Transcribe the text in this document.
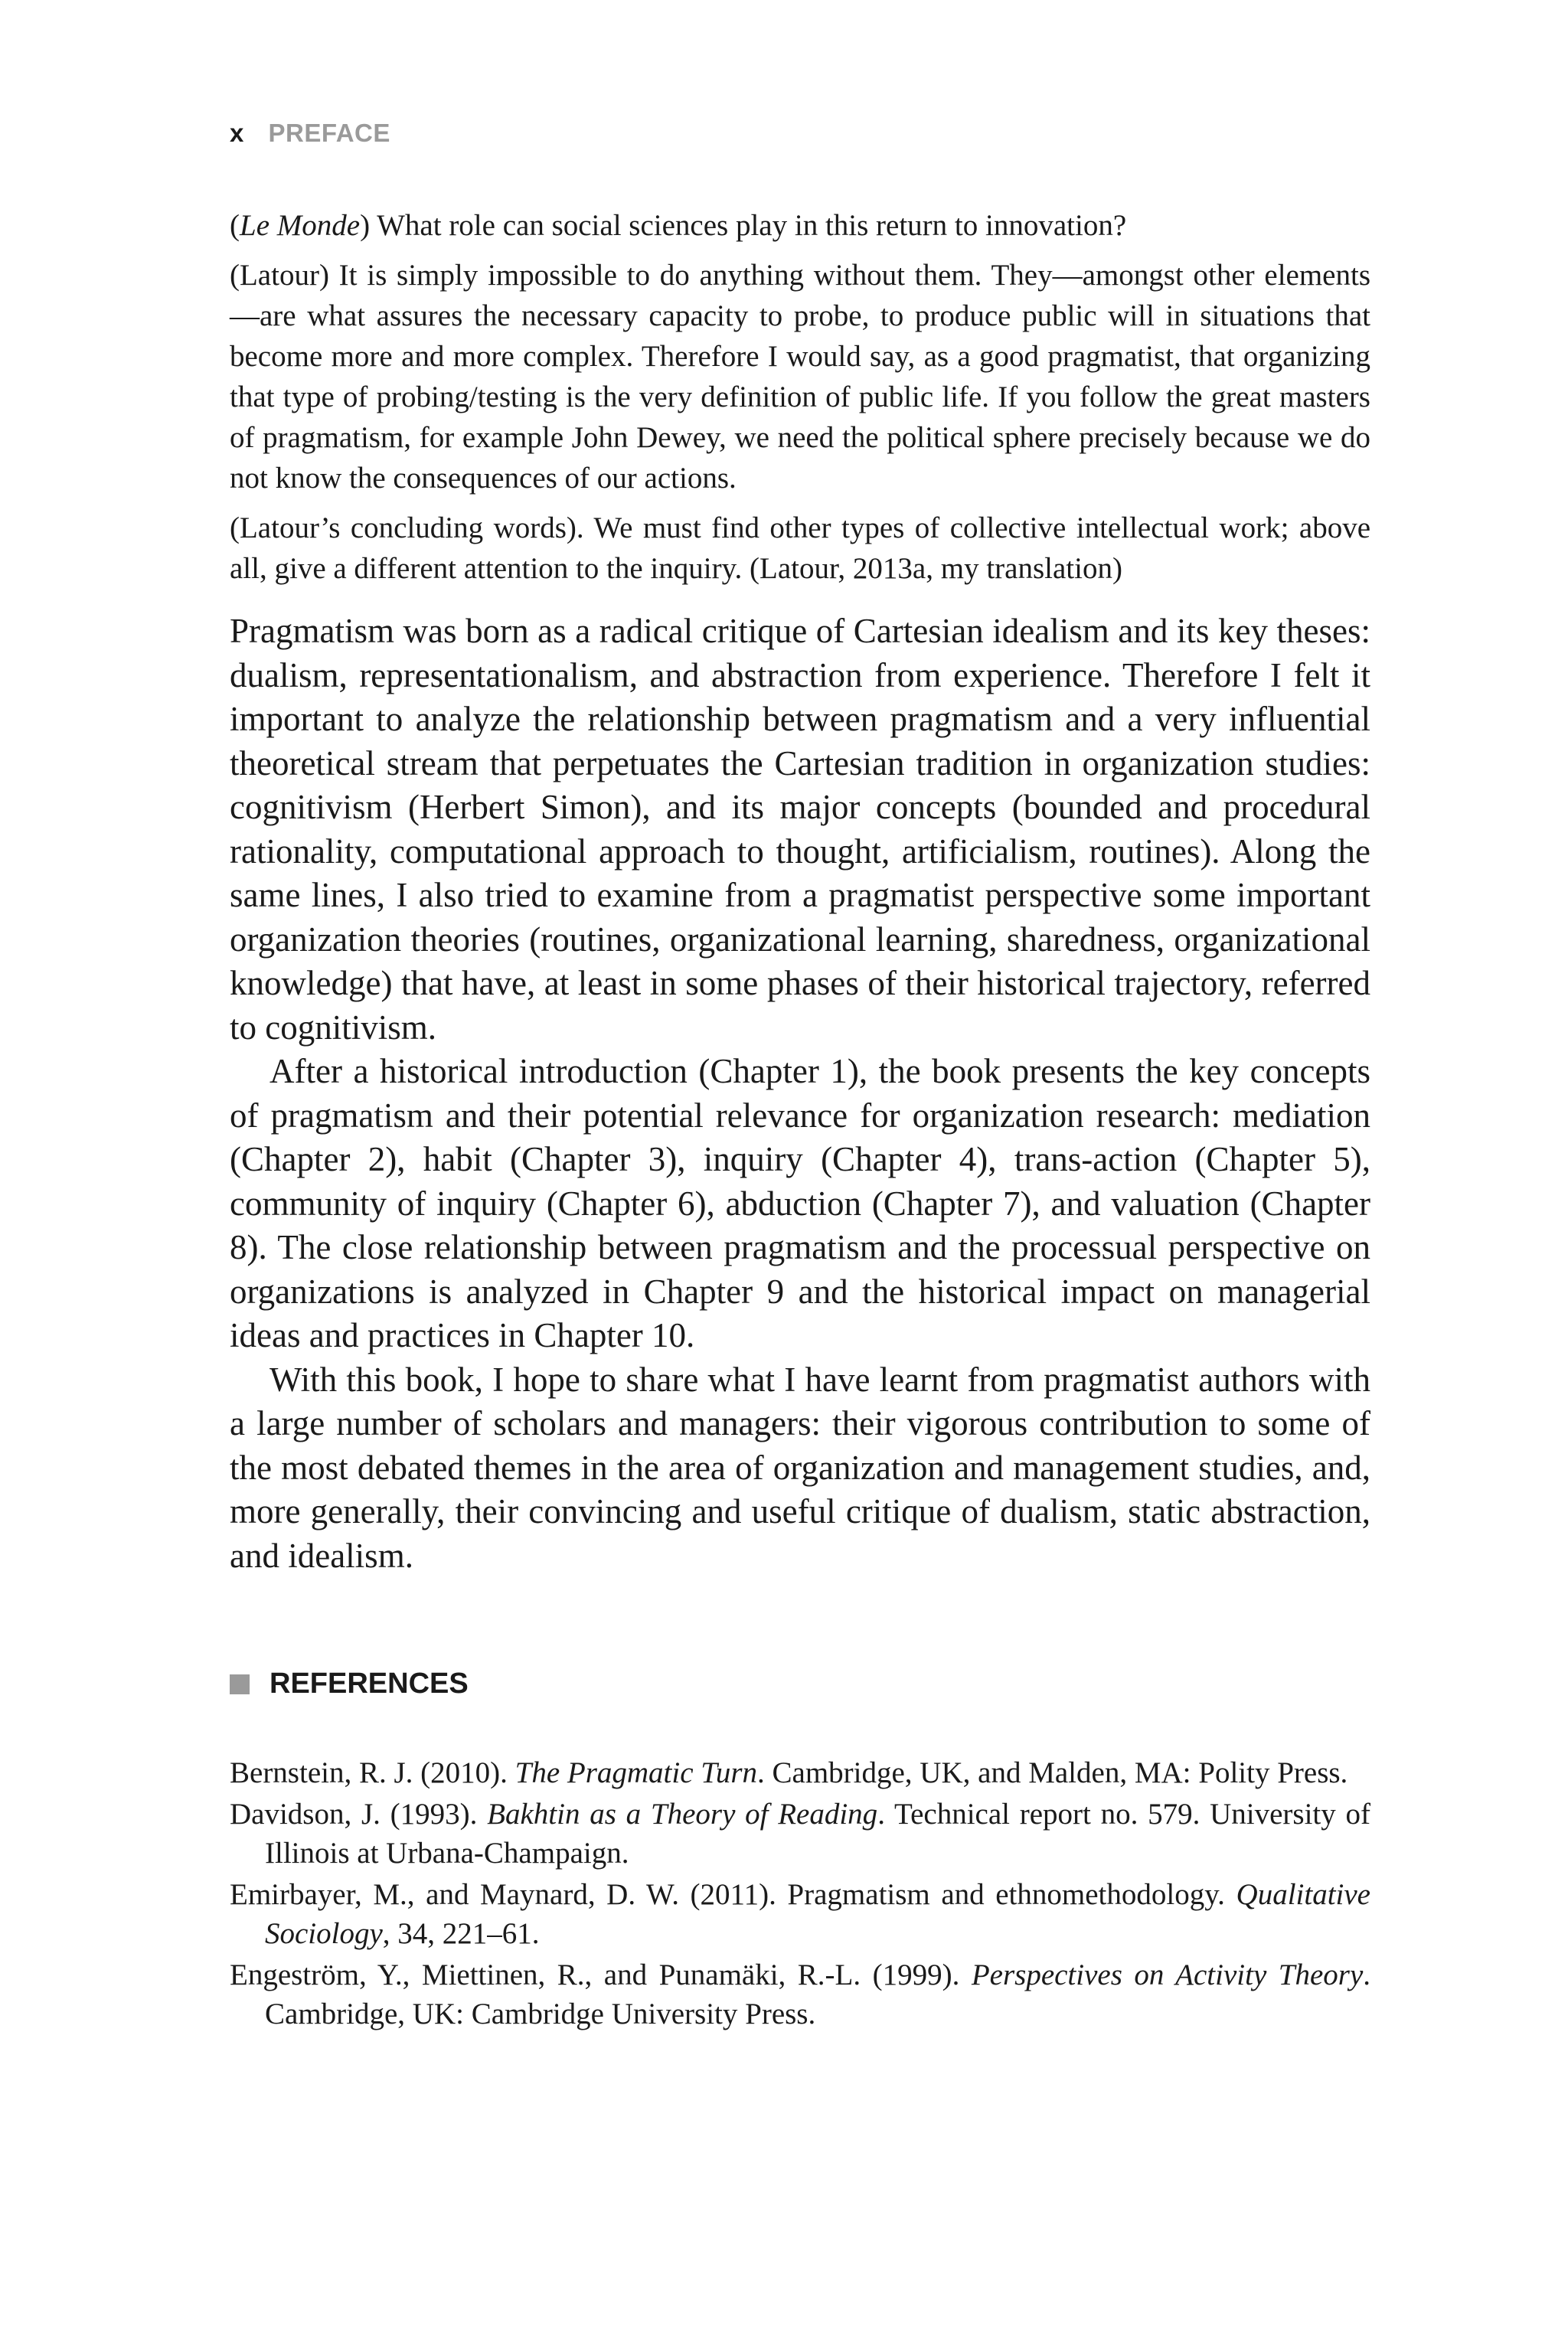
x PREFACE

(Le Monde) What role can social sciences play in this return to innovation?

(Latour) It is simply impossible to do anything without them. They—amongst other elements—are what assures the necessary capacity to probe, to produce public will in situations that become more and more complex. Therefore I would say, as a good pragmatist, that organizing that type of probing/testing is the very definition of public life. If you follow the great masters of pragmatism, for example John Dewey, we need the political sphere precisely because we do not know the consequences of our actions.

(Latour’s concluding words). We must find other types of collective intellectual work; above all, give a different attention to the inquiry. (Latour, 2013a, my translation)

Pragmatism was born as a radical critique of Cartesian idealism and its key theses: dualism, representationalism, and abstraction from experience. Therefore I felt it important to analyze the relationship between pragmatism and a very influential theoretical stream that perpetuates the Cartesian tradition in organization studies: cognitivism (Herbert Simon), and its major concepts (bounded and procedural rationality, computational approach to thought, artificialism, routines). Along the same lines, I also tried to examine from a pragmatist perspective some important organization theories (routines, organizational learning, sharedness, organizational knowledge) that have, at least in some phases of their historical trajectory, referred to cognitivism.

After a historical introduction (Chapter 1), the book presents the key concepts of pragmatism and their potential relevance for organization research: mediation (Chapter 2), habit (Chapter 3), inquiry (Chapter 4), trans-action (Chapter 5), community of inquiry (Chapter 6), abduction (Chapter 7), and valuation (Chapter 8). The close relationship between pragmatism and the processual perspective on organizations is analyzed in Chapter 9 and the historical impact on managerial ideas and practices in Chapter 10.

With this book, I hope to share what I have learnt from pragmatist authors with a large number of scholars and managers: their vigorous contribution to some of the most debated themes in the area of organization and management studies, and, more generally, their convincing and useful critique of dualism, static abstraction, and idealism.

REFERENCES
Bernstein, R. J. (2010). The Pragmatic Turn. Cambridge, UK, and Malden, MA: Polity Press.
Davidson, J. (1993). Bakhtin as a Theory of Reading. Technical report no. 579. University of Illinois at Urbana-Champaign.
Emirbayer, M., and Maynard, D. W. (2011). Pragmatism and ethnomethodology. Qualitative Sociology, 34, 221–61.
Engeström, Y., Miettinen, R., and Punamäki, R.-L. (1999). Perspectives on Activity Theory. Cambridge, UK: Cambridge University Press.
